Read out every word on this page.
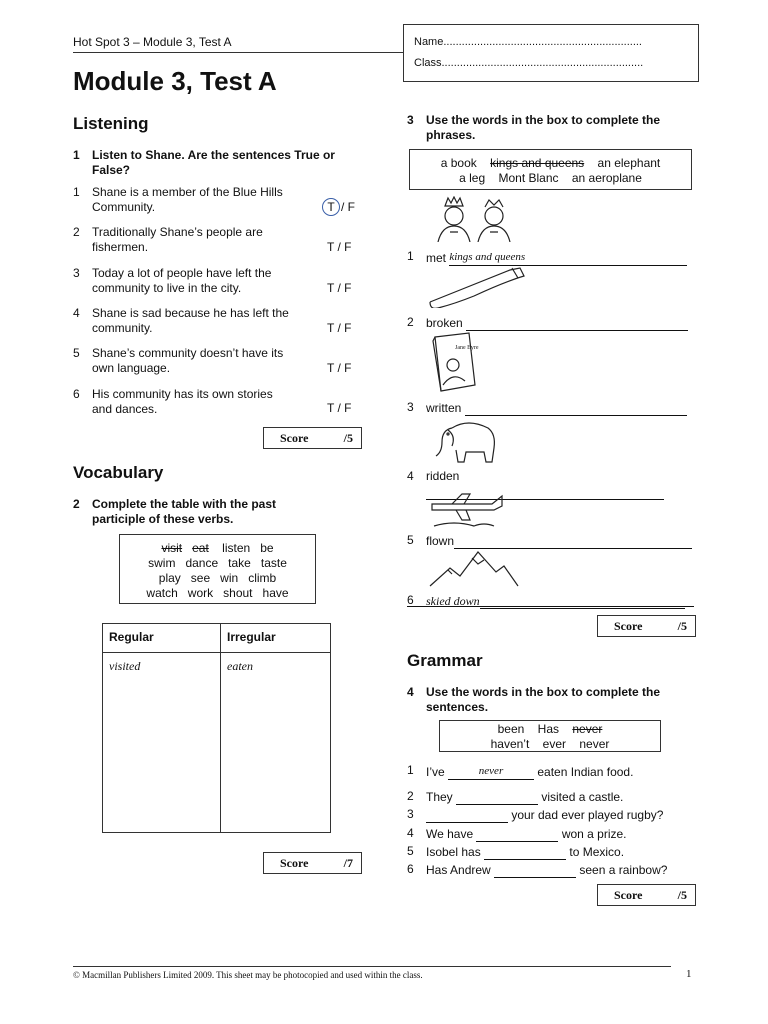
Hot Spot 3 – Module 3, Test A	Name.................................................................
Class..................................................................
Module 3, Test A
Listening
1 Listen to Shane. Are the sentences True or False?
1 Shane is a member of the Blue Hills
Community.	T / F
2 Traditionally Shane’s people are
fishermen.	T / F
3 Today a lot of people have left the
community to live in the city.	T / F
4 Shane is sad because he has left the
community.	T / F
5 Shane’s community doesn’t have its
own language.	T / F
6 His community has its own stories
and dances.	T / F
Score	/5
Vocabulary
2 Complete the table with the past
participle of these verbs.
visit eat listen be
swim dance take taste
play see win climb
watch work shout have
Regular	Irregular
visited	eaten
Score	/7
3 Use the words in the box to complete the
phrases.
a book kings and queens an elephant
a leg Mont Blanc an aeroplane
1 met kings and queens
2 broken
Jane Eyre
3 written
4 ridden
5 flown
6 skied down
Score	/5
Grammar
4 Use the words in the box to complete the
sentences.
been Has never
haven’t ever never
1 I’ve	never	eaten Indian food.
2 They	visited a castle.
3	your dad ever played rugby?
4 We have	won a prize.
5 Isobel has	to Mexico.
6 Has Andrew	seen a rainbow?
Score	/5
© Macmillan Publishers Limited 2009. This sheet may be photocopied and used within the class.	1
